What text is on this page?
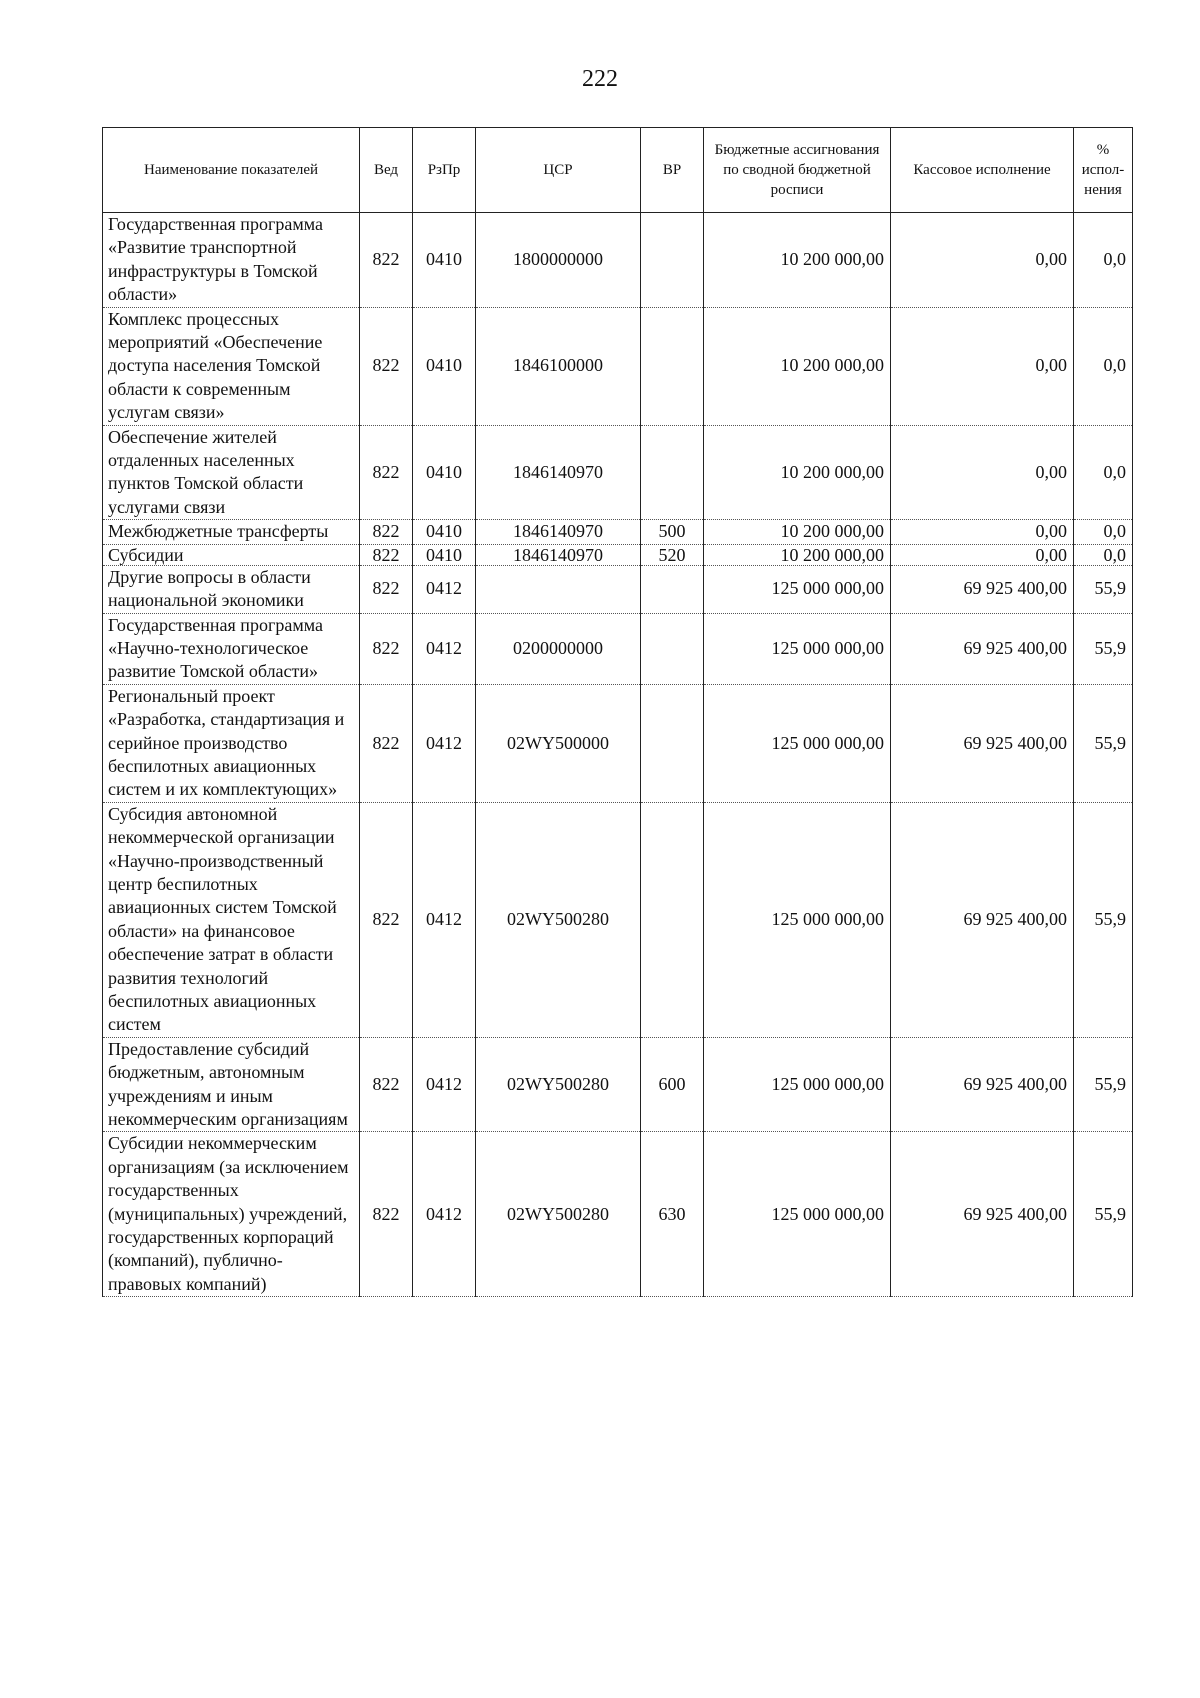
222
Наименование показателей	Вед	РзПр	ЦСР	ВР	Бюджетные ассигнования по сводной бюджетной росписи	Кассовое исполнение	% испол-нения
Государственная программа «Развитие транспортной инфраструктуры в Томской области»	822	0410	1800000000		10 200 000,00	0,00	0,0
Комплекс процессных мероприятий «Обеспечение доступа населения Томской области к современным услугам связи»	822	0410	1846100000		10 200 000,00	0,00	0,0
Обеспечение жителей отдаленных населенных пунктов Томской области услугами связи	822	0410	1846140970		10 200 000,00	0,00	0,0
Межбюджетные трансферты	822	0410	1846140970	500	10 200 000,00	0,00	0,0
Субсидии	822	0410	1846140970	520	10 200 000,00	0,00	0,0
Другие вопросы в области национальной экономики	822	0412			125 000 000,00	69 925 400,00	55,9
Государственная программа «Научно-технологическое развитие Томской области»	822	0412	0200000000		125 000 000,00	69 925 400,00	55,9
Региональный проект «Разработка, стандартизация и серийное производство беспилотных авиационных систем и их комплектующих»	822	0412	02WY500000		125 000 000,00	69 925 400,00	55,9
Субсидия автономной некоммерческой организации «Научно-производственный центр беспилотных авиационных систем Томской области» на финансовое обеспечение затрат в области развития технологий беспилотных авиационных систем	822	0412	02WY500280		125 000 000,00	69 925 400,00	55,9
Предоставление субсидий бюджетным, автономным учреждениям и иным некоммерческим организациям	822	0412	02WY500280	600	125 000 000,00	69 925 400,00	55,9
Субсидии некоммерческим организациям (за исключением государственных (муниципальных) учреждений, государственных корпораций (компаний), публично-правовых компаний)	822	0412	02WY500280	630	125 000 000,00	69 925 400,00	55,9
